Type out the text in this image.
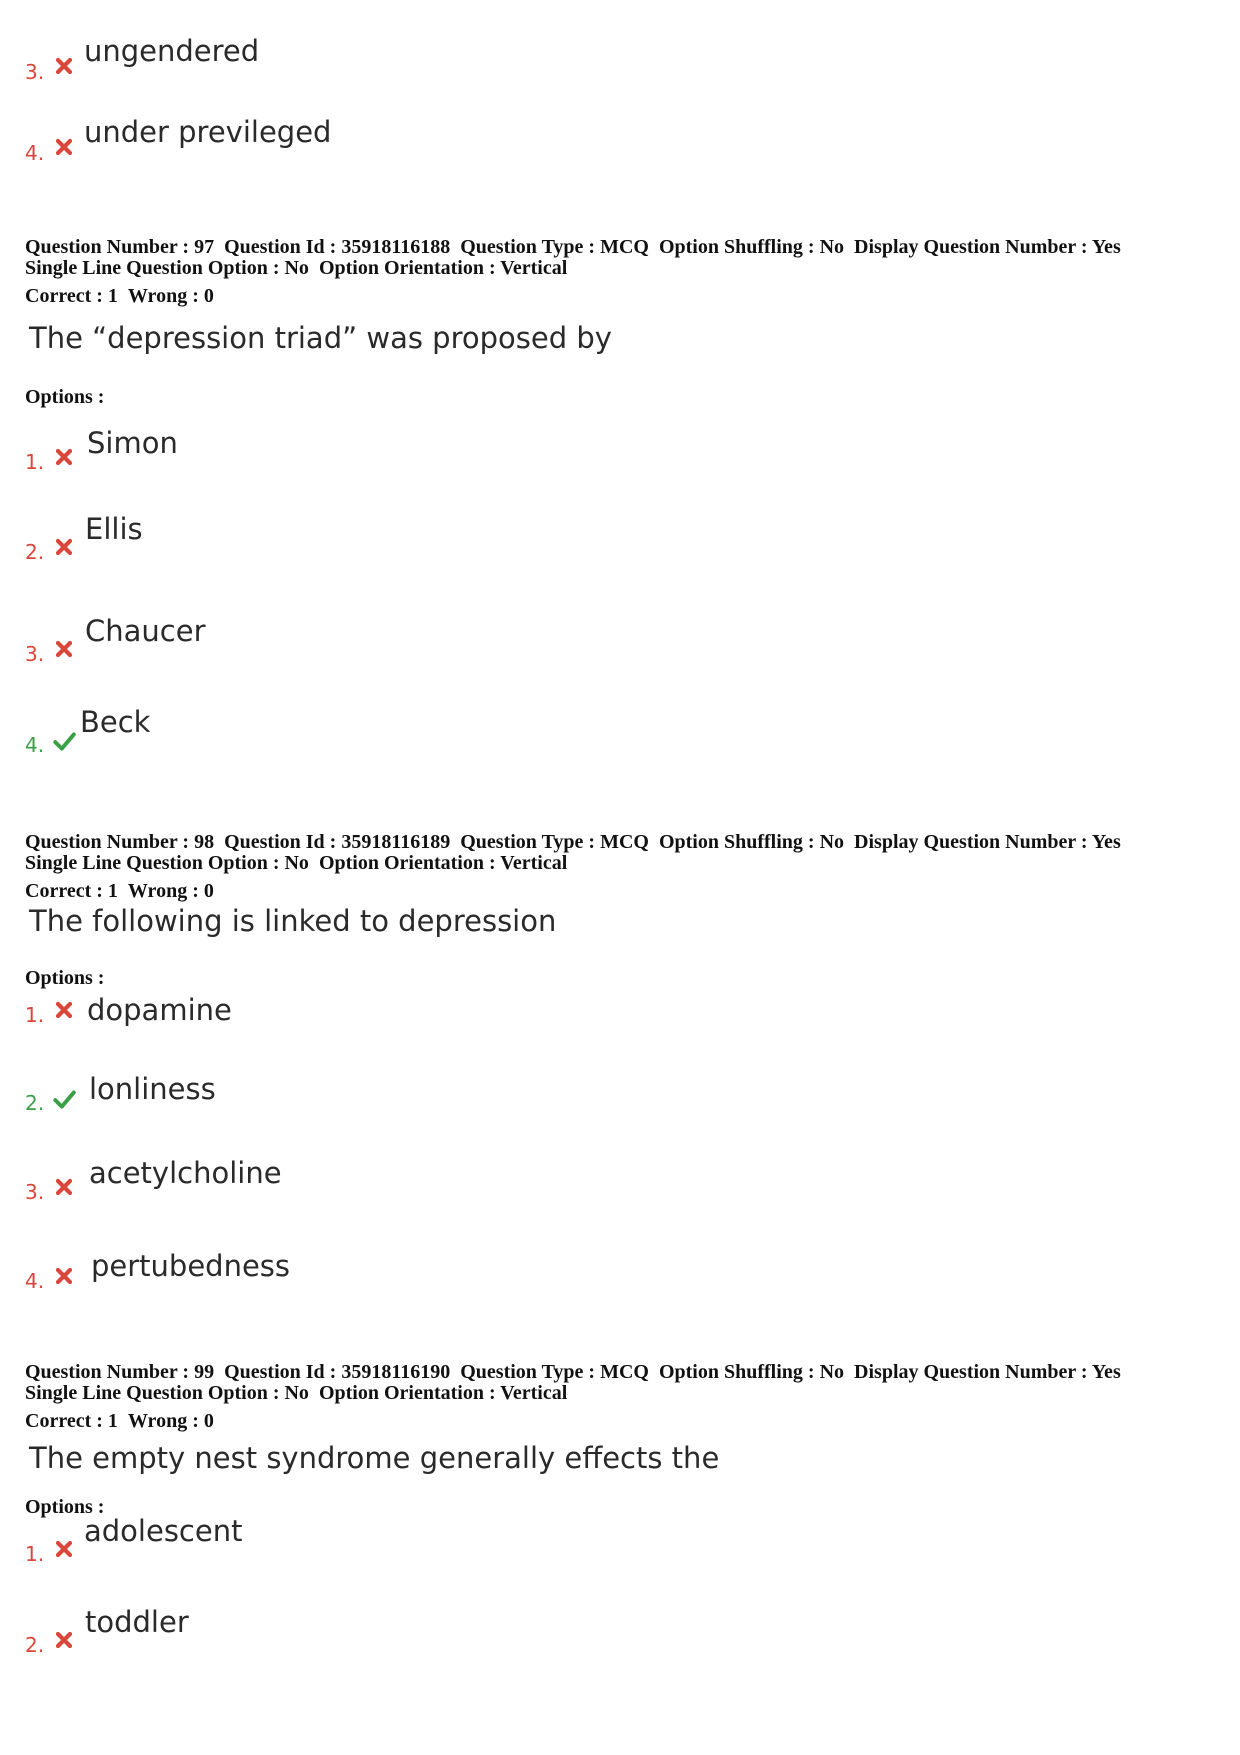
3.
ungendered
4.
under previleged
Question Number : 97 Question Id : 35918116188 Question Type : MCQ Option Shuffling : No Display Question Number : Yes
Single Line Question Option : No Option Orientation : Vertical
Correct : 1 Wrong : 0
The “depression triad” was proposed by
Options :
1.
Simon
2.
Ellis
3.
Chaucer
4.
Beck
Question Number : 98 Question Id : 35918116189 Question Type : MCQ Option Shuffling : No Display Question Number : Yes
Single Line Question Option : No Option Orientation : Vertical
Correct : 1 Wrong : 0
The following is linked to depression
Options :
1. dopamine
2. lonliness
3.
acetylcholine
4. pertubedness
Question Number : 99 Question Id : 35918116190 Question Type : MCQ Option Shuffling : No Display Question Number : Yes
Single Line Question Option : No Option Orientation : Vertical
Correct : 1 Wrong : 0
The empty nest syndrome generally effects the
Options :
1.
adolescent
2.
toddler
